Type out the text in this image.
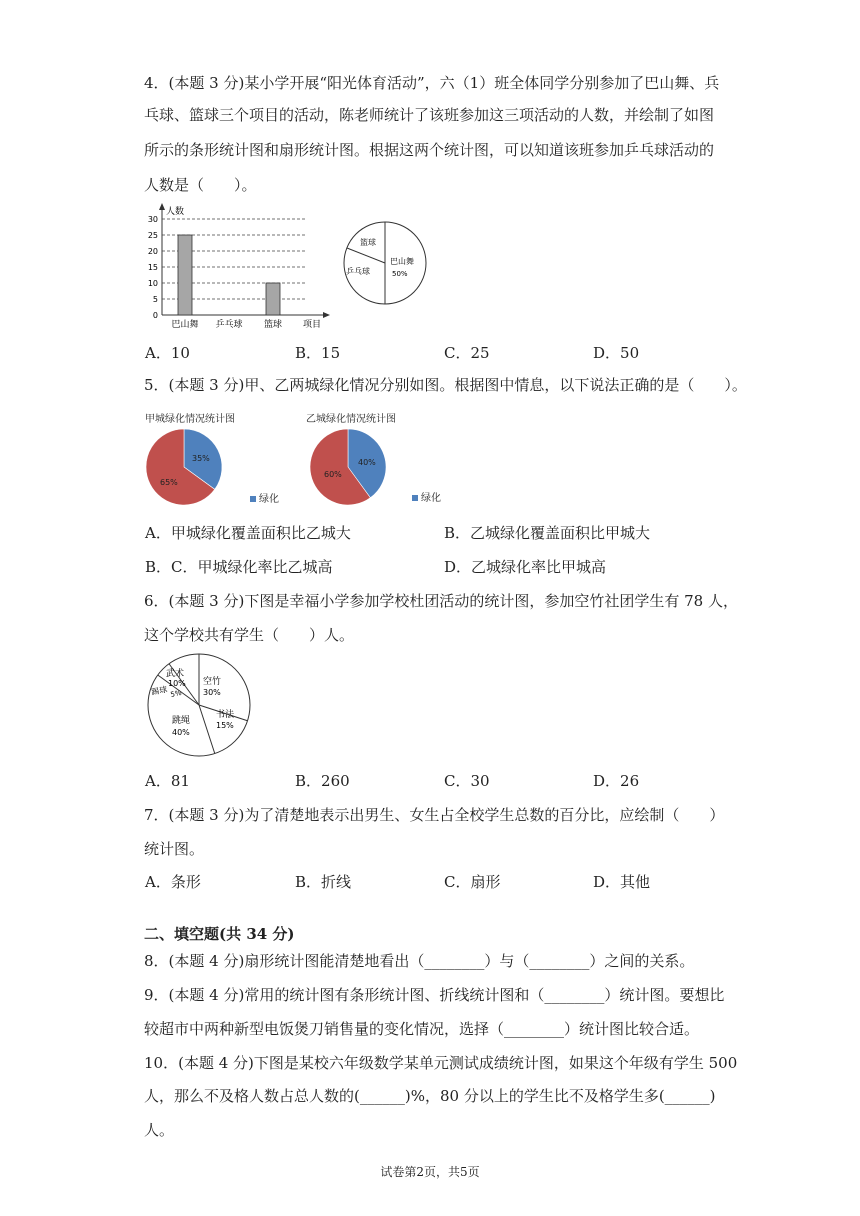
4．(本题 3 分)某小学开展“阳光体育活动”，六（1）班全体同学分别参加了巴山舞、兵
乓球、篮球三个项目的活动，陈老师统计了该班参加这三项活动的人数，并绘制了如图
所示的条形统计图和扇形统计图。根据这两个统计图，可以知道该班参加乒乓球活动的
人数是（　　）。
0
5
10
15
20
25
30
巴山舞 乒乓球 篮球
人数
项目
篮球
乒乓球
巴山舞
50%
A．10	B．15	C．25	D．50
5．(本题 3 分)甲、乙两城绿化情况分别如图。根据图中情息，以下说法正确的是（　　）。
甲城绿化情况统计图
35%
65%
绿化
乙城绿化情况统计图
40%
60%
绿化
A．甲城绿化覆盖面积比乙城大	B．乙城绿化覆盖面积比甲城大
B．C．甲城绿化率比乙城高	D．乙城绿化率比甲城高
6．(本题 3 分)下图是幸福小学参加学校杜团活动的统计图，参加空竹社团学生有 78 人，
这个学校共有学生（　　）人。
空竹
30%
书法
15%
跳绳
40%
踢球 5%
武术
10%
A．81	B．260	C．30	D．26
7．(本题 3 分)为了清楚地表示出男生、女生占全校学生总数的百分比，应绘制（　　）
统计图。
A．条形	B．折线	C．扇形	D．其他
二、填空题(共 34 分)
8．(本题 4 分)扇形统计图能清楚地看出（________）与（________）之间的关系。
9．(本题 4 分)常用的统计图有条形统计图、折线统计图和（________）统计图。要想比
较超市中两种新型电饭煲刀销售量的变化情况，选择（________）统计图比较合适。
10．(本题 4 分)下图是某校六年级数学某单元测试成绩统计图，如果这个年级有学生 500
人，那么不及格人数占总人数的(______)%，80 分以上的学生比不及格学生多(______)
人。
试卷第2页，共5页
